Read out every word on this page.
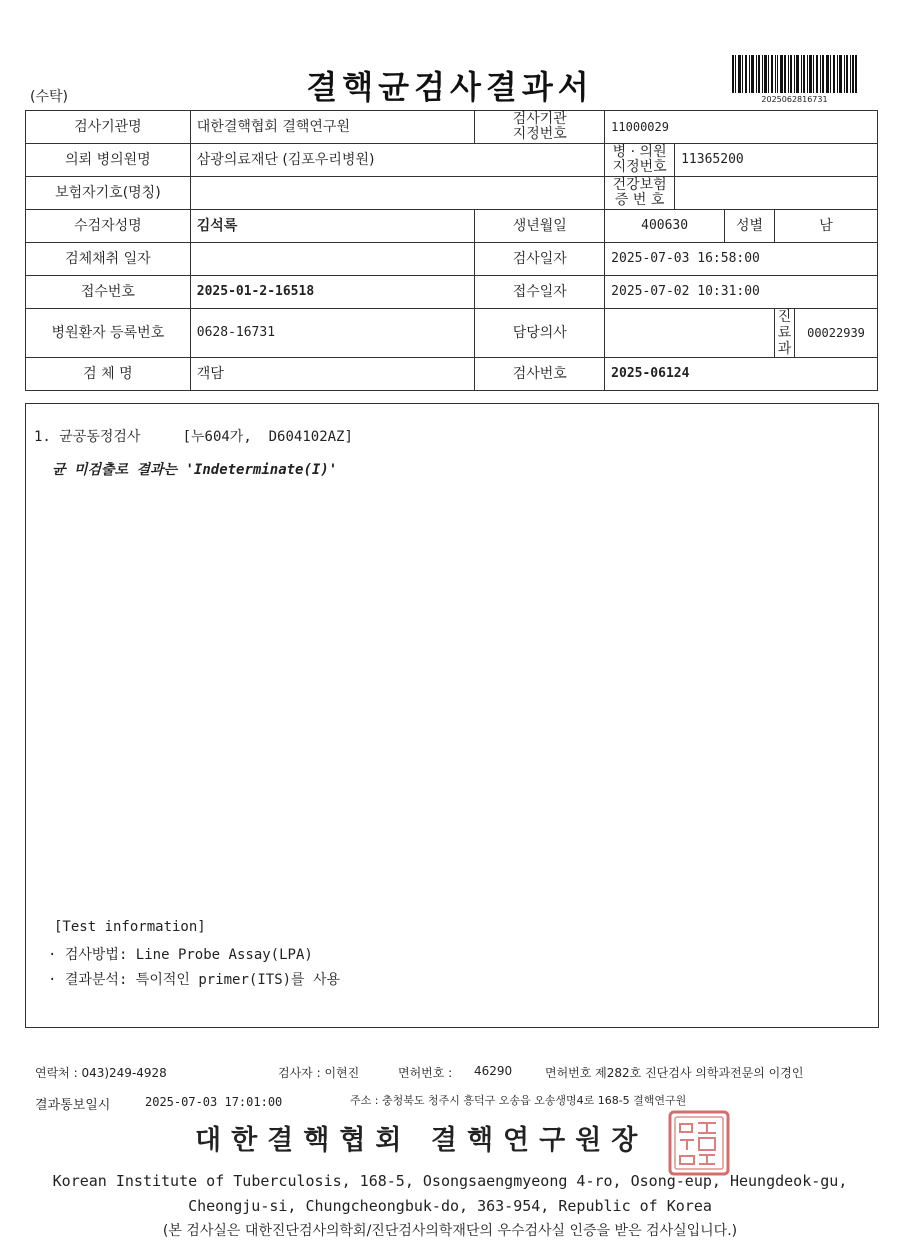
(수탁)	결핵균검사결과서	2025062816731
검사기관명	대한결핵협회 결핵연구원	검사기관
지정번호	11000029				
의뢰 병의원명	삼광의료재단 (김포우리병원)		병 · 의원
지정번호	11365200			
보험자기호(명칭)			건강보험
증 번 호				
수검자성명	김석록	생년월일	400630		성별	남	
검체채취 일자		검사일자	2025-07-03 16:58:00				
접수번호	2025-01-2-16518	접수일자	2025-07-02 10:31:00				
병원환자 등록번호	0628-16731	담당의사				진료과	00022939
검 체 명	객담	검사번호	2025-06124				
1. 균공동정검사     [누604가,  D604102AZ]
균 미검출로 결과는 'Indeterminate(I)'
[Test information]
· 검사방법: Line Probe Assay(LPA)
· 결과분석: 특이적인 primer(ITS)를 사용
연락처 : 043)249-4928	검사자 : 이현진	면허번호 : 46290	면허번호 제282호 진단검사 의학과전문의 이경인
결과통보일시	2025-07-03 17:01:00	주소 : 충청북도 청주시 흥덕구 오송읍 오송생명4로 168-5 결핵연구원
대한결핵협회 결핵연구원장
Korean Institute of Tuberculosis, 168-5, Osongsaengmyeong 4-ro, Osong-eup, Heungdeok-gu,
Cheongju-si, Chungcheongbuk-do, 363-954, Republic of Korea
(본 검사실은 대한진단검사의학회/진단검사의학재단의 우수검사실 인증을 받은 검사실입니다.)
